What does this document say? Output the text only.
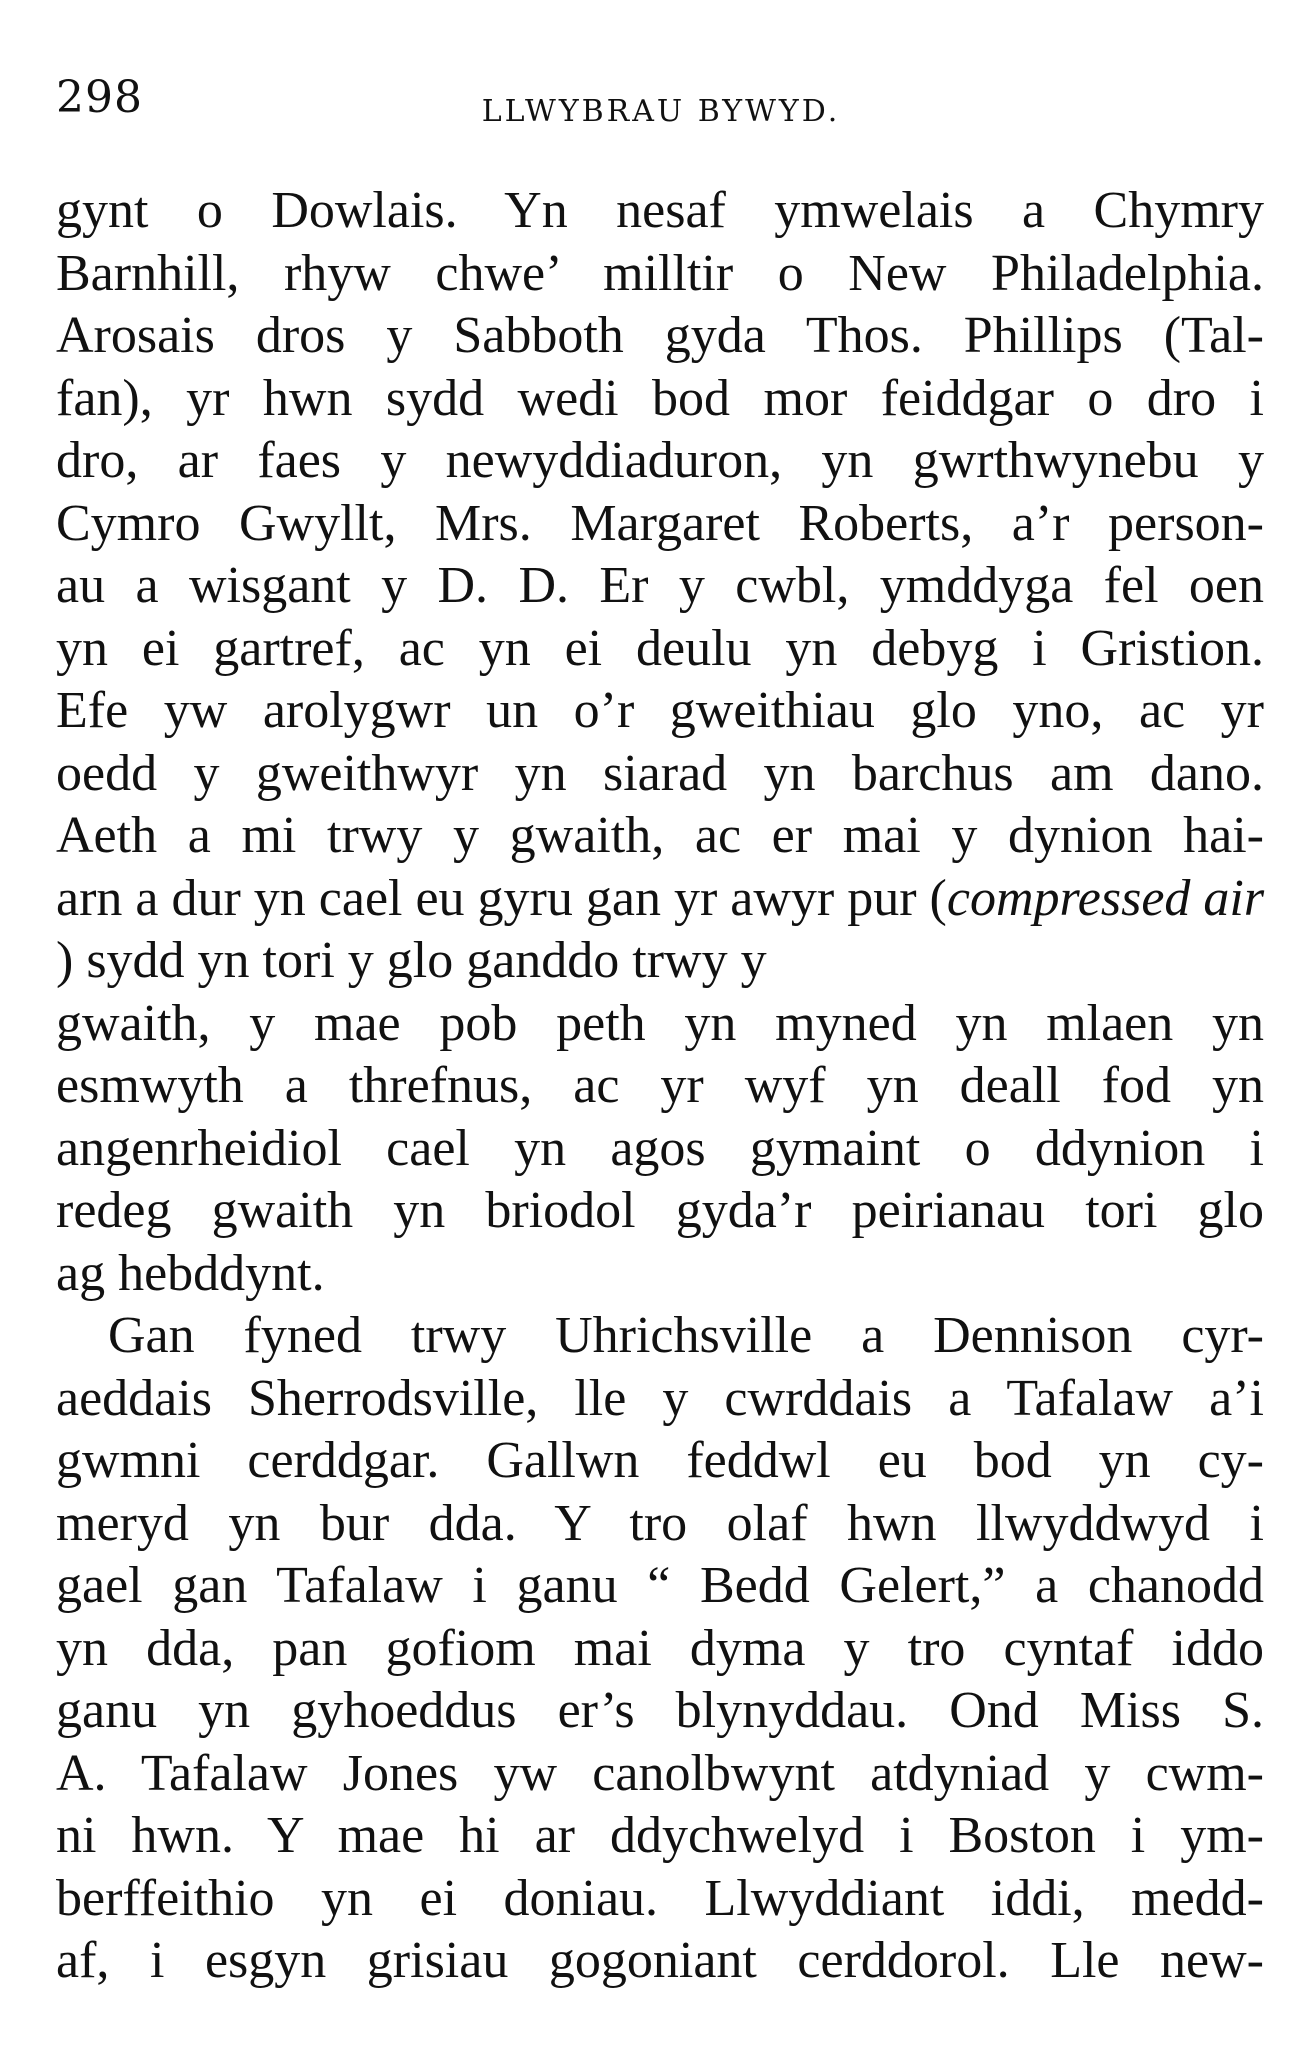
298	LLWYBRAU BYWYD.
gynt o Dowlais. Yn nesaf ymwelais a Chymry
Barnhill, rhyw chwe’ milltir o New Philadelphia.
Arosais dros y Sabboth gyda Thos. Phillips (Tal-
fan), yr hwn sydd wedi bod mor feiddgar o dro i
dro, ar faes y newyddiaduron, yn gwrthwynebu y
Cymro Gwyllt, Mrs. Margaret Roberts, a’r person-
au a wisgant y D. D. Er y cwbl, ymddyga fel oen
yn ei gartref, ac yn ei deulu yn debyg i Gristion.
Efe yw arolygwr un o’r gweithiau glo yno, ac yr
oedd y gweithwyr yn siarad yn barchus am dano.
Aeth a mi trwy y gwaith, ac er mai y dynion hai-
arn a dur yn cael eu gyru gan yr awyr pur (compressed air
) sydd yn tori y glo ganddo trwy y
gwaith, y mae pob peth yn myned yn mlaen yn
esmwyth a threfnus, ac yr wyf yn deall fod yn
angenrheidiol cael yn agos gymaint o ddynion i
redeg gwaith yn briodol gyda’r peirianau tori glo
ag hebddynt.
Gan fyned trwy Uhrichsville a Dennison cyr-
aeddais Sherrodsville, lle y cwrddais a Tafalaw a’i
gwmni cerddgar. Gallwn feddwl eu bod yn cy-
meryd yn bur dda. Y tro olaf hwn llwyddwyd i
gael gan Tafalaw i ganu “ Bedd Gelert,” a chanodd
yn dda, pan gofiom mai dyma y tro cyntaf iddo
ganu yn gyhoeddus er’s blynyddau. Ond Miss S.
A. Tafalaw Jones yw canolbwynt atdyniad y cwm-
ni hwn. Y mae hi ar ddychwelyd i Boston i ym-
berffeithio yn ei doniau. Llwyddiant iddi, medd-
af, i esgyn grisiau gogoniant cerddorol. Lle new-
